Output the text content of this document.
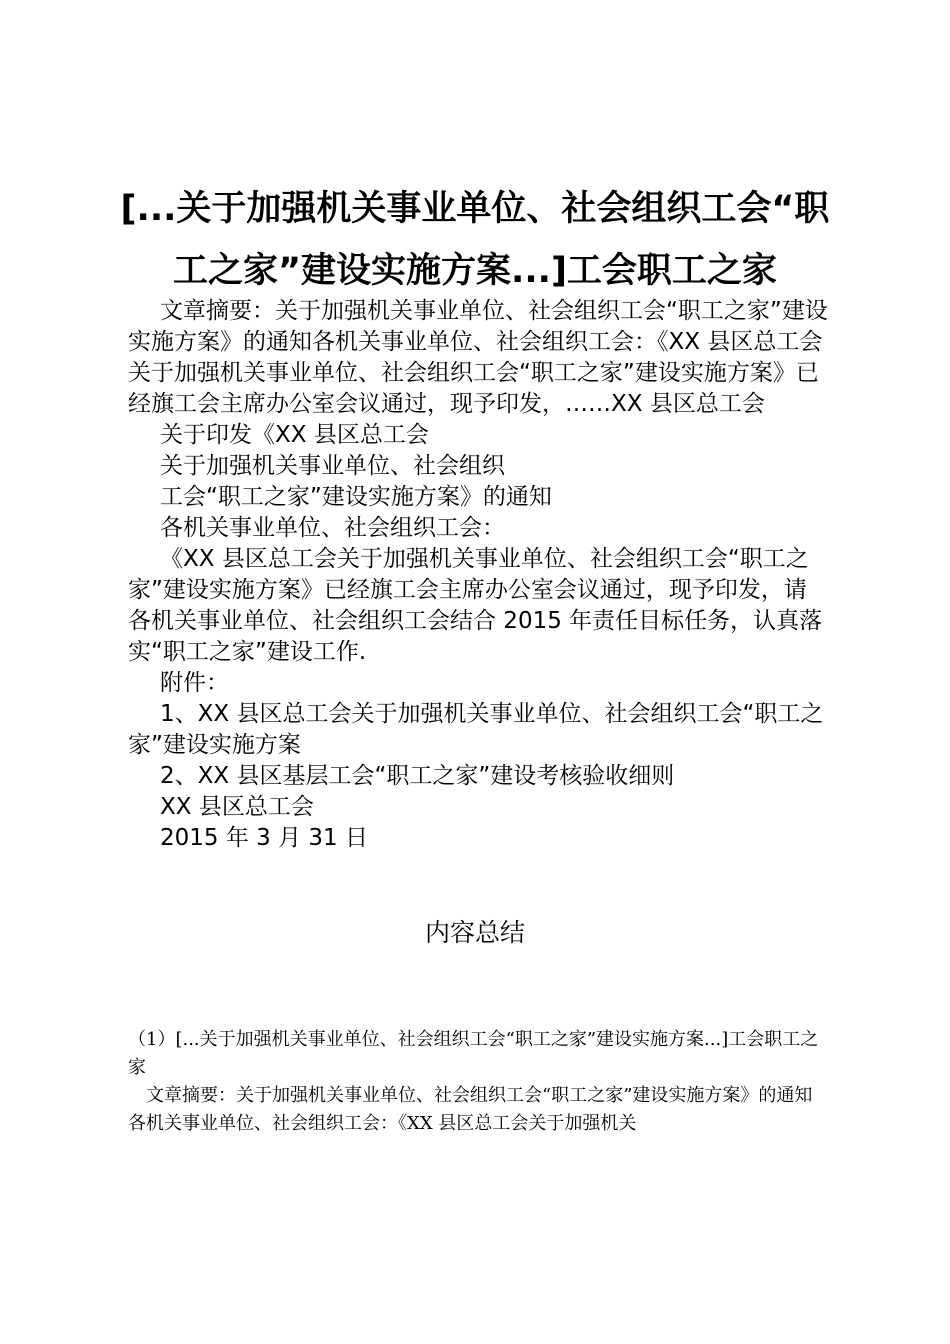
[...关于加强机关事业单位、社会组织工会“职
工之家”建设实施方案...]工会职工之家

文章摘要：关于加强机关事业单位、社会组织工会“职工之家”建设实施方案》的通知各机关事业单位、社会组织工会：《XX 县区总工会关于加强机关事业单位、社会组织工会“职工之家”建设实施方案》已经旗工会主席办公室会议通过，现予印发，……XX 县区总工会

关于印发《XX 县区总工会

关于加强机关事业单位、社会组织

工会“职工之家”建设实施方案》的通知

各机关事业单位、社会组织工会：

《XX 县区总工会关于加强机关事业单位、社会组织工会“职工之家”建设实施方案》已经旗工会主席办公室会议通过，现予印发，请各机关事业单位、社会组织工会结合 2015 年责任目标任务，认真落实“职工之家”建设工作.

附件：

1、XX 县区总工会关于加强机关事业单位、社会组织工会“职工之家”建设实施方案

2、XX 县区基层工会“职工之家”建设考核验收细则

XX 县区总工会

2015 年 3 月 31 日

内容总结

（1）[...关于加强机关事业单位、社会组织工会“职工之家”建设实施方案...]工会职工之家

文章摘要：关于加强机关事业单位、社会组织工会“职工之家”建设实施方案》的通知各机关事业单位、社会组织工会：《XX 县区总工会关于加强机关
